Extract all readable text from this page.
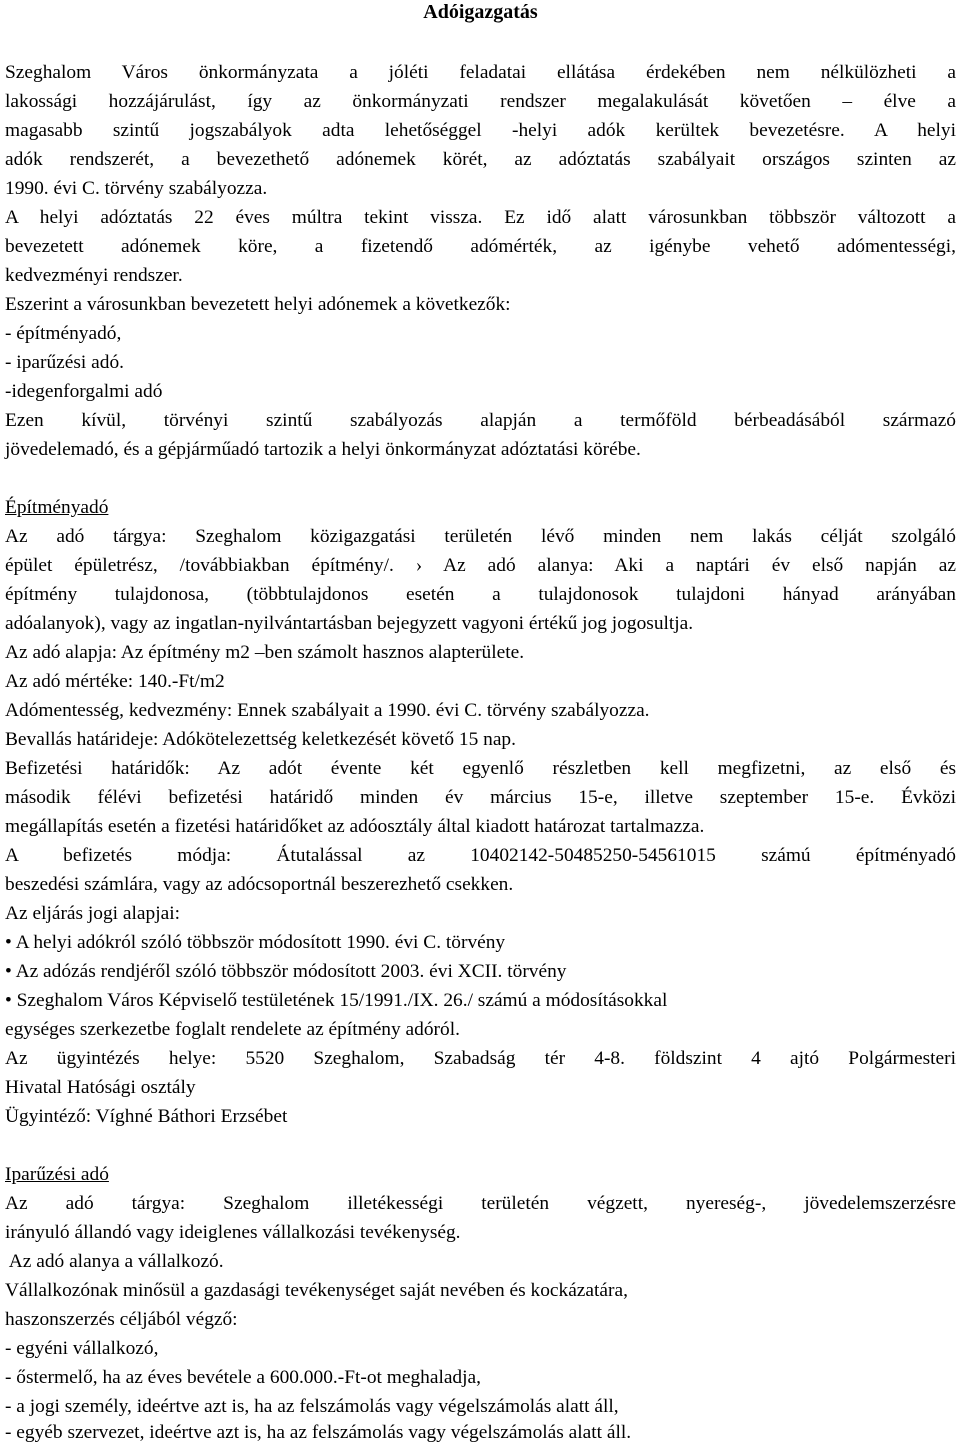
Adóigazgatás
Szeghalom Város önkormányzata a jóléti feladatai ellátása érdekében nem nélkülözheti a
lakossági hozzájárulást, így az önkormányzati rendszer megalakulását követően – élve a
magasabb szintű jogszabályok adta lehetőséggel -helyi adók kerültek bevezetésre. A helyi
adók rendszerét, a bevezethető adónemek körét, az adóztatás szabályait országos szinten az
1990. évi C. törvény szabályozza.
A helyi adóztatás 22 éves múltra tekint vissza. Ez idő alatt városunkban többször változott a
bevezetett adónemek köre, a fizetendő adómérték, az igénybe vehető adómentességi,
kedvezményi rendszer.
Eszerint a városunkban bevezetett helyi adónemek a következők:
- építményadó,
- iparűzési adó.
-idegenforgalmi adó
Ezen kívül, törvényi szintű szabályozás alapján a termőföld bérbeadásából származó
jövedelemadó, és a gépjárműadó tartozik a helyi önkormányzat adóztatási körébe.
Építményadó
Az adó tárgya: Szeghalom közigazgatási területén lévő minden nem lakás célját szolgáló
épület épületrész, /továbbiakban építmény/. › Az adó alanya: Aki a naptári év első napján az
építmény tulajdonosa, (többtulajdonos esetén a tulajdonosok tulajdoni hányad arányában
adóalanyok), vagy az ingatlan-nyilvántartásban bejegyzett vagyoni értékű jog jogosultja.
Az adó alapja: Az építmény m2 –ben számolt hasznos alapterülete.
Az adó mértéke: 140.-Ft/m2
Adómentesség, kedvezmény: Ennek szabályait a 1990. évi C. törvény szabályozza.
Bevallás határideje: Adókötelezettség keletkezését követő 15 nap.
Befizetési határidők: Az adót évente két egyenlő részletben kell megfizetni, az első és
második félévi befizetési határidő minden év március 15-e, illetve szeptember 15-e. Évközi
megállapítás esetén a fizetési határidőket az adóosztály által kiadott határozat tartalmazza.
A befizetés módja: Átutalással az 10402142-50485250-54561015 számú építményadó
beszedési számlára, vagy az adócsoportnál beszerezhető csekken.
Az eljárás jogi alapjai:
• A helyi adókról szóló többször módosított 1990. évi C. törvény
• Az adózás rendjéről szóló többször módosított 2003. évi XCII. törvény
• Szeghalom Város Képviselő testületének 15/1991./IX. 26./ számú a módosításokkal
egységes szerkezetbe foglalt rendelete az építmény adóról.
Az ügyintézés helye: 5520 Szeghalom, Szabadság tér 4-8. földszint 4 ajtó Polgármesteri
Hivatal Hatósági osztály
Ügyintéző: Víghné Báthori Erzsébet
Iparűzési adó
Az adó tárgya: Szeghalom illetékességi területén végzett, nyereség-, jövedelemszerzésre
irányuló állandó vagy ideiglenes vállalkozási tevékenység.
Az adó alanya a vállalkozó.
Vállalkozónak minősül a gazdasági tevékenységet saját nevében és kockázatára,
haszonszerzés céljából végző:
- egyéni vállalkozó,
- őstermelő, ha az éves bevétele a 600.000.-Ft-ot meghaladja,
- a jogi személy, ideértve azt is, ha az felszámolás vagy végelszámolás alatt áll,
- egyéb szervezet, ideértve azt is, ha az felszámolás vagy végelszámolás alatt áll.
